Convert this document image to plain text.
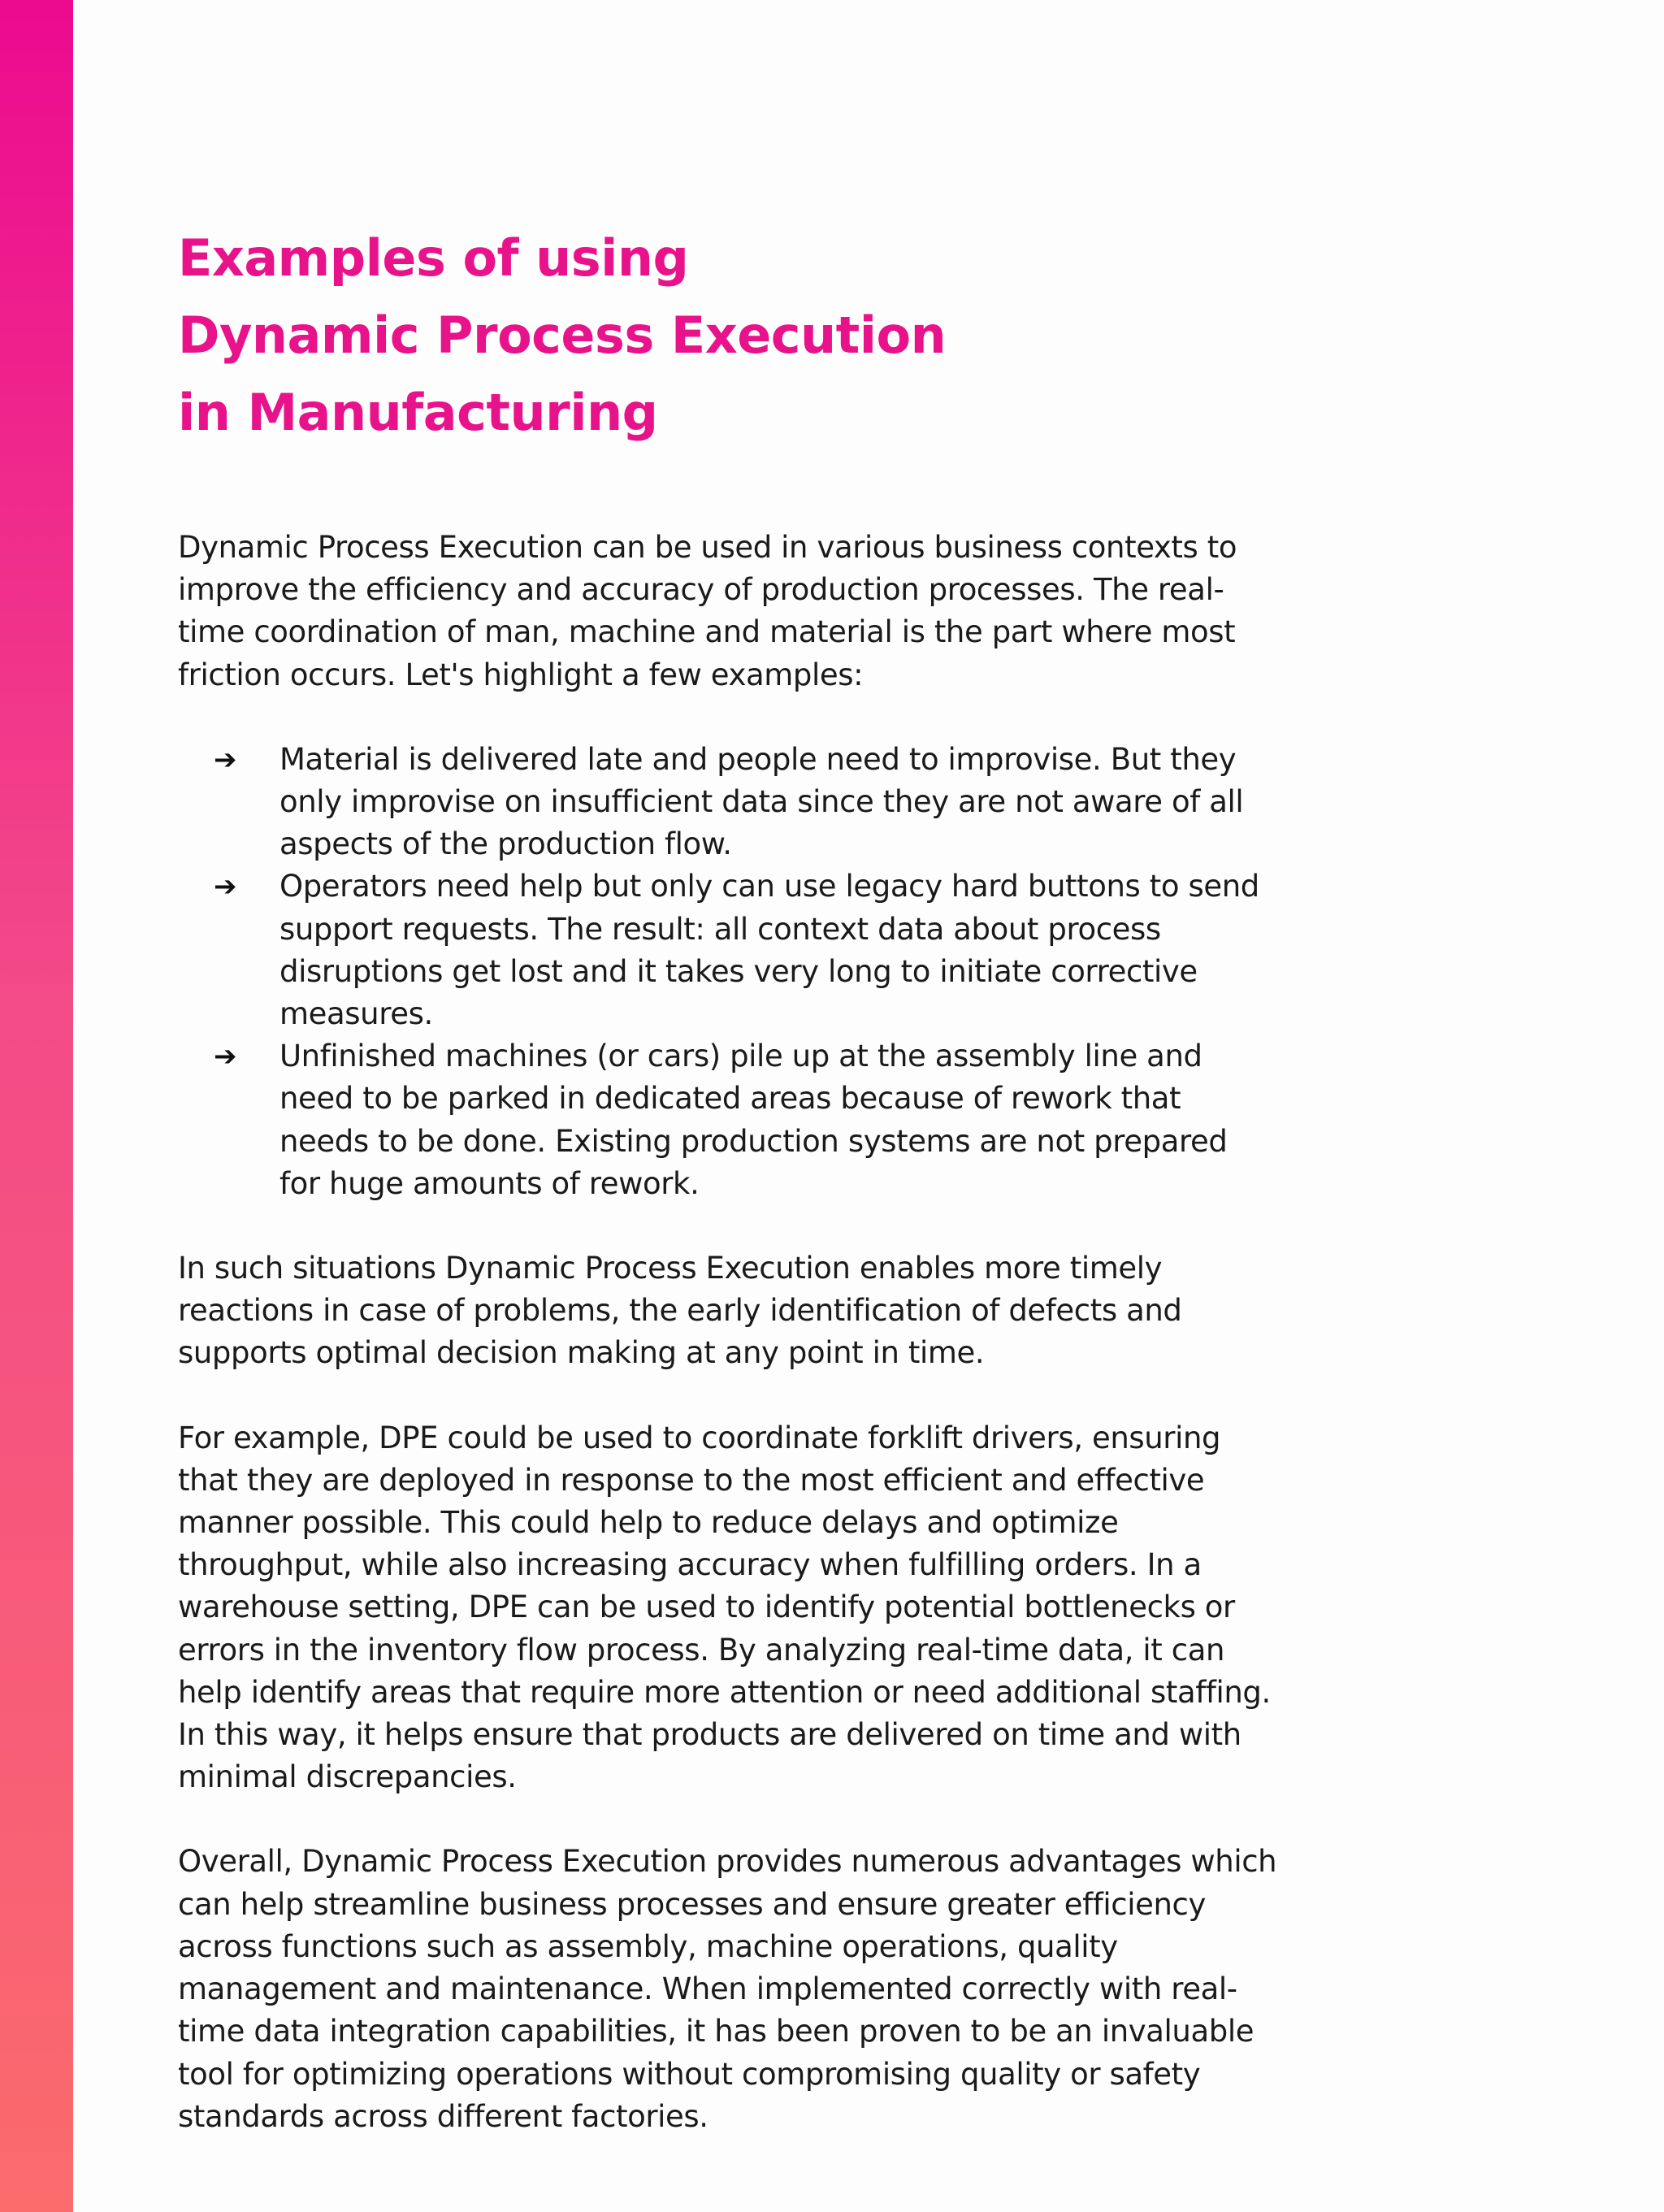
Examples of using
Dynamic Process Execution
in Manufacturing

Dynamic Process Execution can be used in various business contexts to
improve the efficiency and accuracy of production processes. The real-
time coordination of man, machine and material is the part where most
friction occurs. Let's highlight a few examples:

➔ Material is delivered late and people need to improvise. But they
only improvise on insufficient data since they are not aware of all
aspects of the production flow.
➔ Operators need help but only can use legacy hard buttons to send
support requests. The result: all context data about process
disruptions get lost and it takes very long to initiate corrective
measures.
➔ Unfinished machines (or cars) pile up at the assembly line and
need to be parked in dedicated areas because of rework that
needs to be done. Existing production systems are not prepared
for huge amounts of rework.

In such situations Dynamic Process Execution enables more timely
reactions in case of problems, the early identification of defects and
supports optimal decision making at any point in time.

For example, DPE could be used to coordinate forklift drivers, ensuring
that they are deployed in response to the most efficient and effective
manner possible. This could help to reduce delays and optimize
throughput, while also increasing accuracy when fulfilling orders. In a
warehouse setting, DPE can be used to identify potential bottlenecks or
errors in the inventory flow process. By analyzing real-time data, it can
help identify areas that require more attention or need additional staffing.
In this way, it helps ensure that products are delivered on time and with
minimal discrepancies.

Overall, Dynamic Process Execution provides numerous advantages which
can help streamline business processes and ensure greater efficiency
across functions such as assembly, machine operations, quality
management and maintenance. When implemented correctly with real-
time data integration capabilities, it has been proven to be an invaluable
tool for optimizing operations without compromising quality or safety
standards across different factories.
